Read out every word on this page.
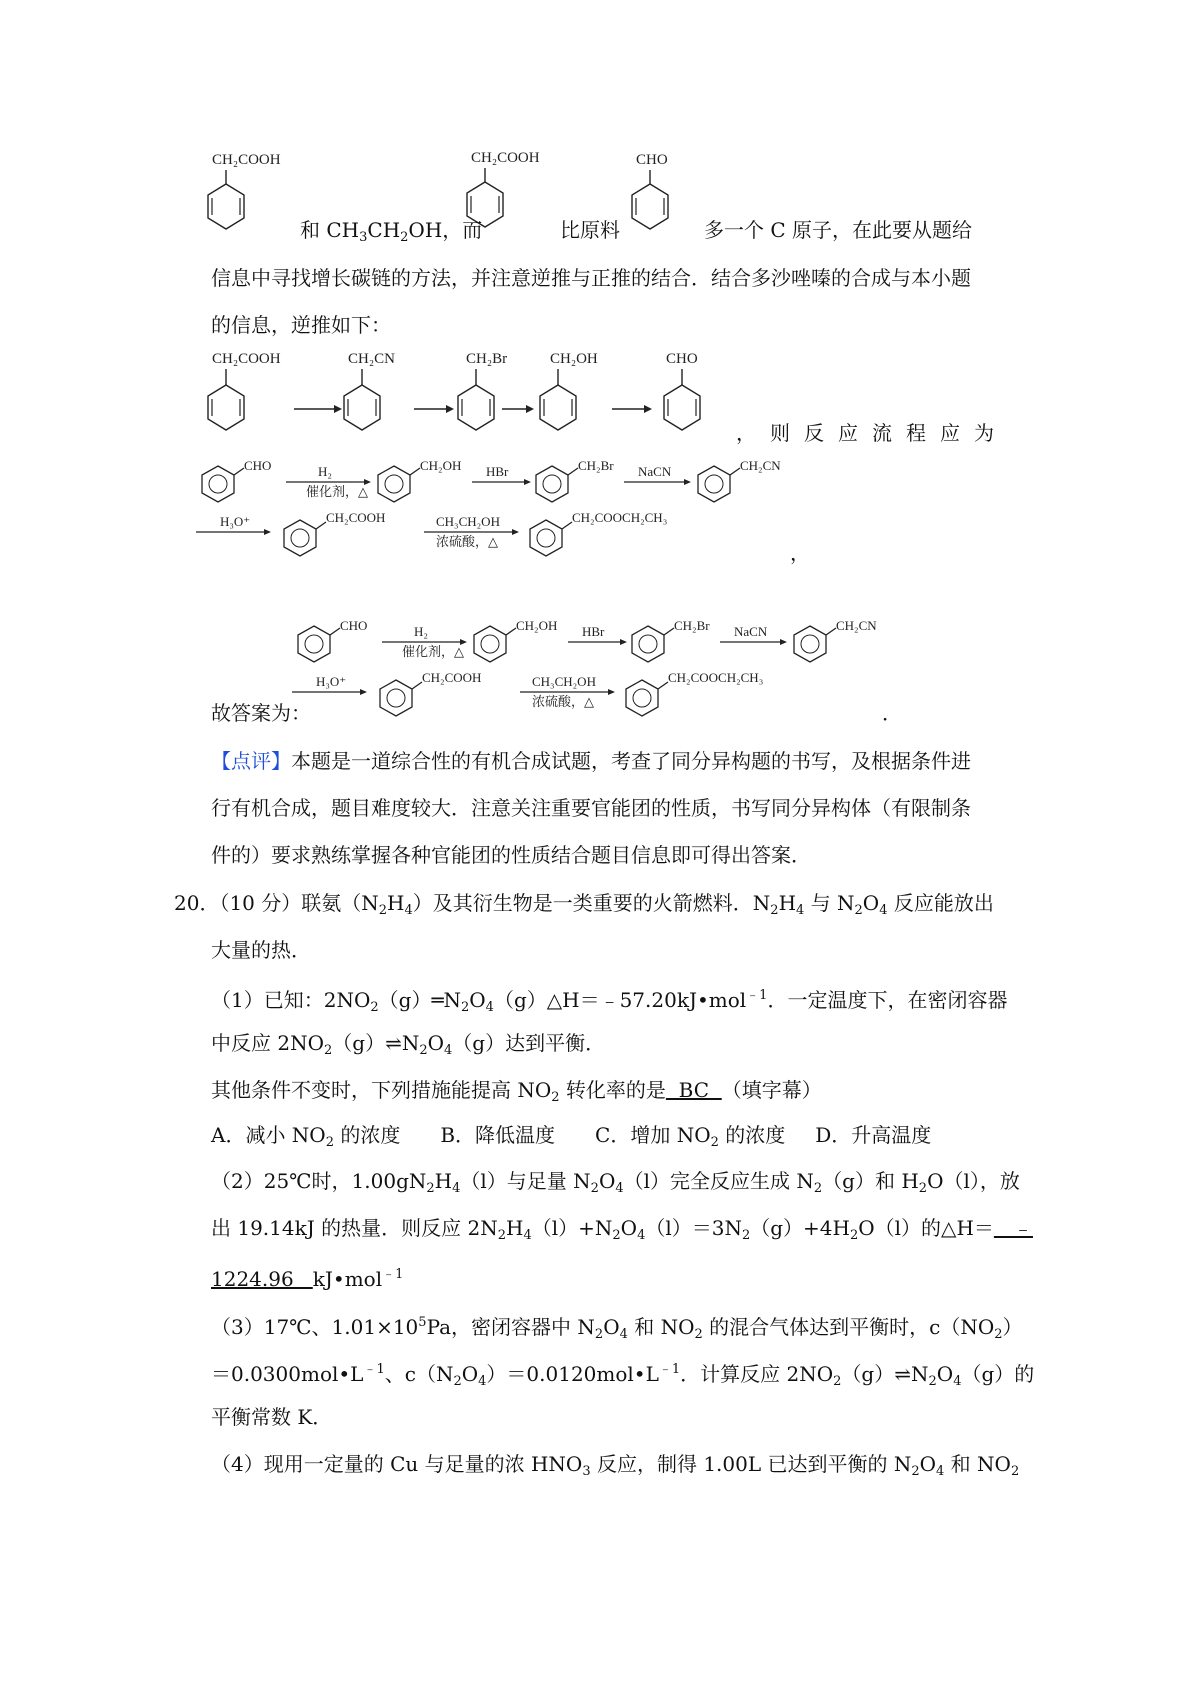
CH₂COOH	CH₂COOH	CHO
和 $CH_3CH_2OH$，而	比原料	多一个 C 原子，在此要从题给
信息中寻找增长碳链的方法，并注意逆推与正推的结合．结合多沙唑嗪的合成与本小题
的信息，逆推如下：
CH₂COOH	CH₂CN	CH₂Br	CH₂OH	CHO
，则反应流程应为
CHO	H₂
催化剂，△
CH₂OH HBr	CH₂Br NaCN	CH₂CN
H₃O⁺	CH₂COOH	CH₃CH₂OH
浓硫酸，△
CH₂COOCH₂CH₃
，
CHO	H₂
催化剂，△
CH₂OH HBr	CH₂Br NaCN	CH₂CN
H₃O⁺	CH₂COOH	CH₃CH₂OH
浓硫酸，△
CH₂COOCH₂CH₃
故答案为：	．
【点评】本题是一道综合性的有机合成试题，考查了同分异构题的书写，及根据条件进
行有机合成，题目难度较大．注意关注重要官能团的性质，书写同分异构体（有限制条
件的）要求熟练掌握各种官能团的性质结合题目信息即可得出答案．
20．（10 分）联氨$(N_2H_4)$及其衍生物是一类重要的火箭燃料．$N_2H_4$ 与 $N_2O_4$ 反应能放出
大量的热．
（1）已知：$2NO_2(g)═N_2O_4(g)\triangle H=﹣57.20kJ•mol^{﹣1}$．一定温度下，在密闭容器
中反应 $2NO_2(g)\rightleftharpoons N_2O_4(g)$达到平衡．
其他条件不变时，下列措施能提高 $NO_2$ 转化率的是  BC  （填字幕）
A．减小 $NO_2$ 的浓度 B．降低温度 C．增加 $NO_2$ 的浓度 D．升高温度
（2）25℃时，$1.00gN_2H_4(l)$与足量 $N_2O_4(l)$完全反应生成 $N_2(g)$和 $H_2O(l)$，放
出 19.14kJ 的热量．则反应 $2N_2H_4(l)+N_2O_4(l)=3N_2(g)+4H_2O(l)$的△H＝   ﹣
1224.96   kJ•mol$^{﹣1}$
（3）17℃、$1.01\times 10^5Pa$，密闭容器中 $N_2O_4$ 和 $NO_2$ 的混合气体达到平衡时，$c(NO_2)$
$=0.0300mol•L^{﹣1}$、$c(N_2O_4)=0.0120mol•L^{﹣1}$．计算反应 $2NO_2(g)\rightleftharpoons N_2O_4(g)$的
平衡常数 K．
（4）现用一定量的 Cu 与足量的浓 $HNO_3$ 反应，制得 1.00L 已达到平衡的 $N_2O_4$ 和 $NO_2$
